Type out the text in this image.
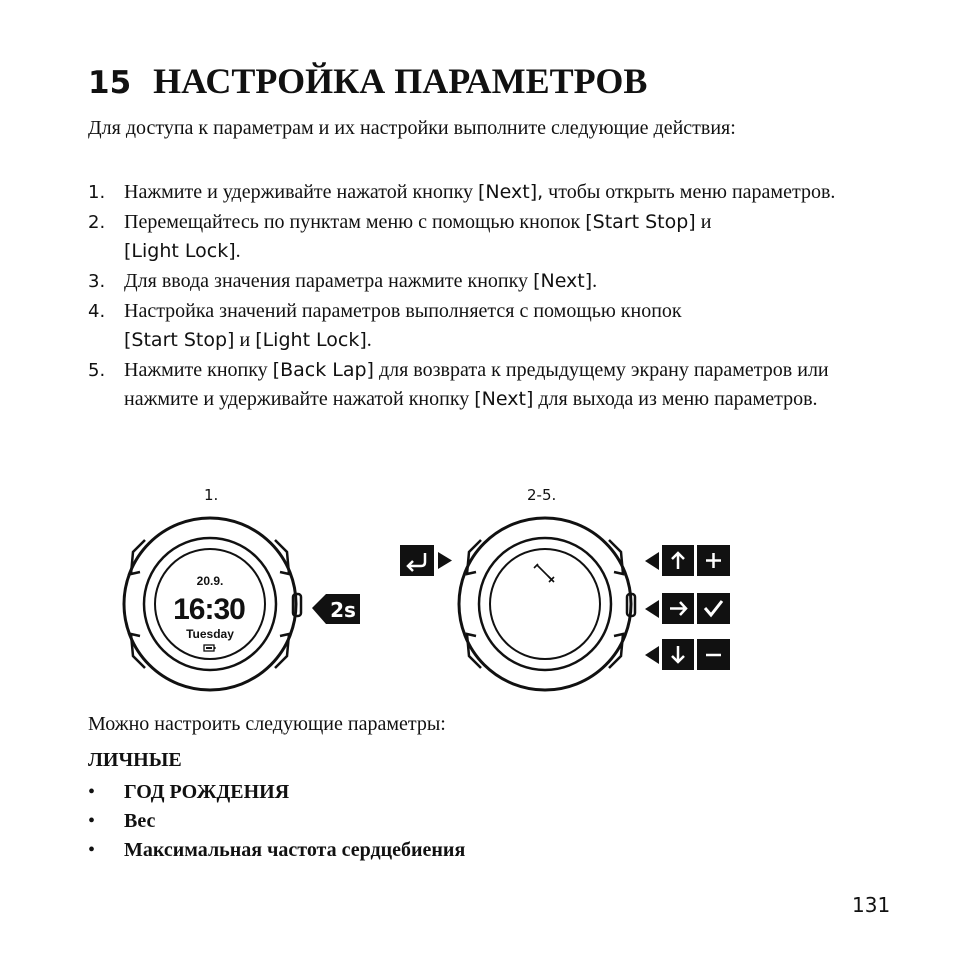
15 НАСТРОЙКА ПАРАМЕТРОВ
Для доступа к параметрам и их настройки выполните следующие действия:
1. Нажмите и удерживайте нажатой кнопку [Next], чтобы открыть меню параметров.
2. Перемещайтесь по пунктам меню с помощью кнопок [Start Stop] и
[Light Lock].
3. Для ввода значения параметра нажмите кнопку [Next].
4. Настройка значений параметров выполняется с помощью кнопок
[Start Stop] и [Light Lock].
5. Нажмите кнопку [Back Lap] для возврата к предыдущему экрану параметров или нажмите и удерживайте нажатой кнопку [Next] для выхода из меню параметров.
1.	2-5.
20.9.
16:30
Tuesday
2s
Можно настроить следующие параметры:
ЛИЧНЫЕ
• ГОД РОЖДЕНИЯ
• Вес
• Максимальная частота сердцебиения
131
